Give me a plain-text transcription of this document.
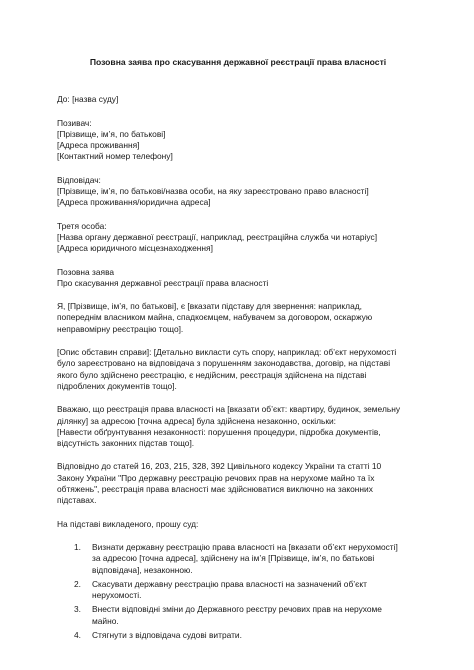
Позовна заява про скасування державної реєстрації права власності
До: [назва суду]
Позивач:
[Прізвище, ім’я, по батькові]
[Адреса проживання]
[Контактний номер телефону]
Відповідач:
[Прізвище, ім’я, по батькові/назва особи, на яку зареєстровано право власності]
[Адреса проживання/юридична адреса]
Третя особа:
[Назва органу державної реєстрації, наприклад, реєстраційна служба чи нотаріус]
[Адреса юридичного місцезнаходження]
Позовна заява
Про скасування державної реєстрації права власності

Я, [Прізвище, ім’я, по батькові], є [вказати підставу для звернення: наприклад,
попереднім власником майна, спадкоємцем, набувачем за договором, оскаржую
неправомірну реєстрацію тощо].

[Опис обставин справи]: [Детально викласти суть спору, наприклад: об’єкт нерухомості
було зареєстровано на відповідача з порушенням законодавства, договір, на підставі
якого було здійснено реєстрацію, є недійсним, реєстрація здійснена на підставі
підроблених документів тощо].

Вважаю, що реєстрація права власності на [вказати об’єкт: квартиру, будинок, земельну
ділянку] за адресою [точна адреса] була здійснена незаконно, оскільки:
[Навести обґрунтування незаконності: порушення процедури, підробка документів,
відсутність законних підстав тощо].

Відповідно до статей 16, 203, 215, 328, 392 Цивільного кодексу України та статті 10
Закону України "Про державну реєстрацію речових прав на нерухоме майно та їх
обтяжень", реєстрація права власності має здійснюватися виключно на законних
підставах.

На підставі викладеного, прошу суд:

1.	Визнати державну реєстрацію права власності на [вказати об’єкт нерухомості]
за адресою [точна адреса], здійснену на ім’я [Прізвище, ім’я, по батькові
відповідача], незаконною.
2.	Скасувати державну реєстрацію права власності на зазначений об’єкт
нерухомості.
3.	Внести відповідні зміни до Державного реєстру речових прав на нерухоме
майно.
4.	Стягнути з відповідача судові витрати.
